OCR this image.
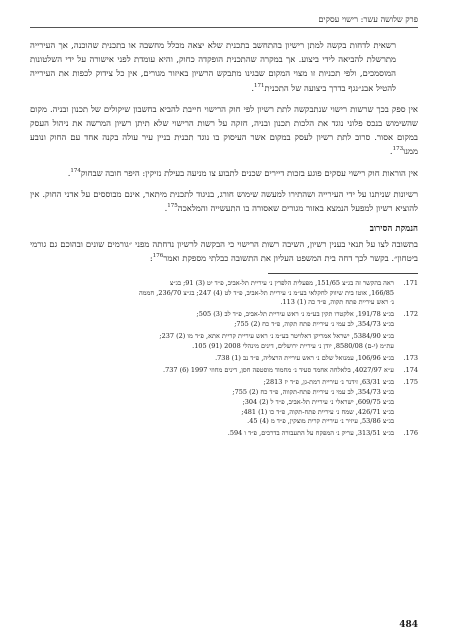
פרק שלושה עשר: רישוי עסקים

רשאית לדחות בקשה למתן רישיון בהתחשב בתכנית שלא יצאה מכלל מחשבה או בתכנית שהוכנה, אך העירייה מתרשלת להביאה לידי ביצוע. אך במקרה שהתכנית הופקדה כחוק, והיא עומדת לפני אישורה על ידי השלטונות המוסמכים, ולפי תכניות זו מצוי המקום שבגינו מתבקש הרשיון באיזור מגורים, אין כל צידוק לכפות את העירייה להטיל אבנ״נגף בדרך ביצועה של התכנית$^{171}$.

אין ספק בכך שרשות רישוי שנתבקשה לתת רשיון לפי חוק הרישוי חייבת להביא בחשבון שיקולים של תכנון ובניה. מקום שהשימוש בנכס פלוני נוגד את הלכות תכנון ובניה, חזקה על רשות הרישוי שלא תיתן רשיון המרשה את ניהול העסק במקום אסור. סרוב לתת רשיון לעסק במקום אשר העיסוק בו נוגד תכנית בניין עיר עולה בקנה אחד עם החוק ונובע ממנו$^{173}$.

אין הוראות חוק רישוי עסקים פוגע בזכות דיירים שכנים לתבוע צו מניעה בעילת נזיקין: היפר חובה שבחוק$^{174}$.

רשיונות שניתנו על ידי העירייה ושהתירו למעשה שימוש חורג, בניגוד לתכנית מיתאר, אינם מבוססים על אדני החוק. אין להוציא רשיון למפעל הנמצא באזור מגורים שאסורה בו התעשייה והמלאכה$^{175}$.

הנמקת הסירוב

בתשובה לצו על תנאי בענין רשיון, השיבה רשות הרישוי כי הבקשה לרשיון נדחתה מפני ״גורמים שונים ובהוכם גם גורמי ביטחון״. בקשר לכך דחה בית המשפט העליון את התשובה כבלתי מספקת ואמר$^{176}$:

171.
ראה בהקשר זה בג״צ 151/65, מפעלית הלפרין נ׳ עיריית תל-אביב, פ״ד יט (3) 91; בג״צ
166/85, אוטו בית שיווק לחקלאי בע״מ נ׳ עיריית תל-אביב, פ״ד לט (4) 247; בג״צ 236/70, חממה
נ׳ ראש עיריית פתח תקוה, פ״ד כה (1) 113.
172.
בג״צ 191/78, אלקטרו תקין בע״מ נ׳ ראש עיריית תל-אביב, פ״ד לב (3) 505;
בג״צ 354/73, לב עמי נ׳ עיריית פתח תקוה, פ״ד כח (2) 755;
בג״צ 5384/90, ישראל אמריקן דאלויטר בע״מ נ׳ ראש עיריית קריית אתא, פ״ד מו (2) 237;
עת״מ (י-ם) 8580/08, יודן נ׳ עיריית ירושלים, דינים מינהלי 2008 (91) 105.
173.
בג״צ 106/96, עמנואל שלם נ׳ ראש עיריית הרצליה, פ״ד נב (1) 738.
174.
ע״א 4027/97, בלאלחה אחמד סעיד נ׳ מחמוד מוסטפה חסן, דינים מחוזי 1997 (6) 737.
175.
בג״צ 63/31, זידנר נ׳ עיריית רמת-גן, פ״ד יז 2813;
בג״צ 354/73, לב עמי נ׳ עיריית פתח-תקווה, פ״ד כח (2) 755;
בג״צ 609/75, ישראלי נ׳ עיריית תל-אביב, פ״ד ל (2) 304;
בג״צ 426/71, שמח נ׳ עיריית פתח-תקוה, פ״ד כו (1) 481;
בג״צ 53/86, עיזיר נ׳ עיריית קרית מוצקין, פ״ד מ (4) 45.
176.
בג״צ 313/51, עריק נ׳ המפקח על התעבורה בדרכים, פ״ד ו 594.
484
